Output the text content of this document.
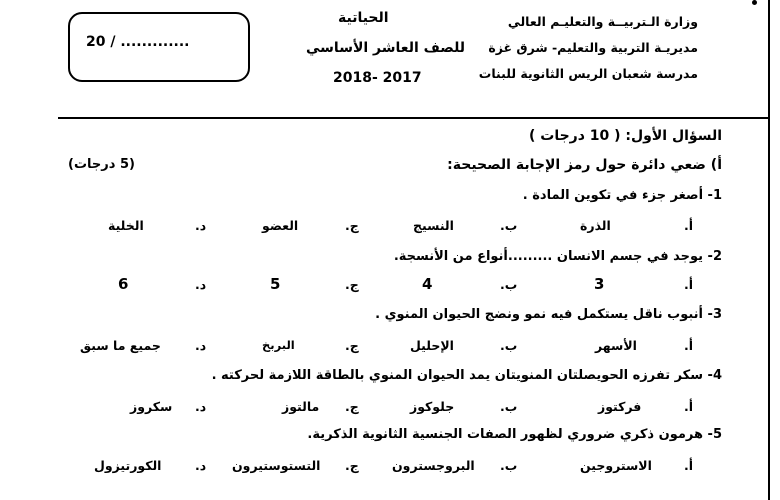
وزارة الـتربيــة والتعليـم العالي
مديريـة التربية والتعليم- شرق غزة
مدرسة شعبان الريس الثانوية للبنات
الحياتية
للصف العاشر الأساسي
2018- 2017
20 / .............
السؤال الأول: ( 10 درجات )
أ) ضعي دائرة حول رمز الإجابة الصحيحة:
(5 درجات)
1- أصغر جزء في تكوين المادة .
أ.
الذرة
ب.
النسيج
ج.
العضو
د.
الخلية
2- يوجد في جسم الانسان .........أنواع من الأنسجة.
أ.
3
ب.
4
ج.
5
د.
6
3- أنبوب ناقل يستكمل فيه نمو ونضج الحيوان المنوي .
أ.
الأسهر
ب.
الإحليل
ج.
البربخ
د.
جميع ما سبق
4- سكر تفرزه الحويصلتان المنويتان يمد الحيوان المنوي بالطاقة اللازمة لحركته .
أ.
فركتوز
ب.
جلوكوز
ج.
مالتوز
د.
سكروز
5- هرمون ذكري ضروري لظهور الصفات الجنسية الثانوية الذكرية.
أ.
الاستروجين
ب.
البروجسترون
ج.
التستوستيرون
د.
الكورتيزول
